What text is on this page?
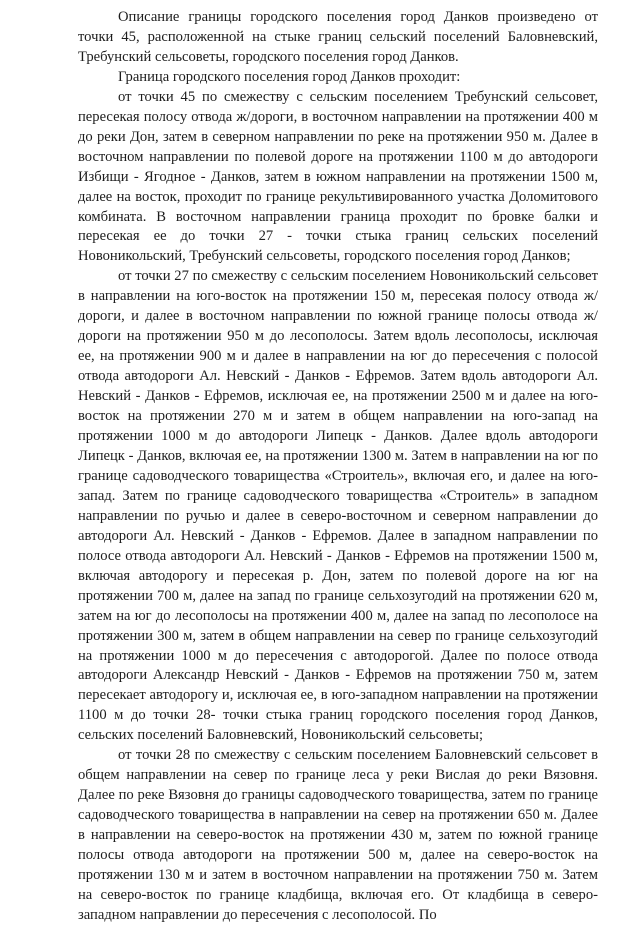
Описание границы городского поселения город Данков произведено от точки 45, расположенной на стыке границ сельский поселений Баловневский, Требунский сельсоветы, городского поселения город Данков.

Граница городского поселения город Данков проходит:

от точки 45 по смежеству с сельским поселением Требунский сельсовет, пересекая полосу отвода ж/дороги, в восточном направлении на протяжении 400 м до реки Дон, затем в северном направлении по реке на протяжении 950 м. Далее в восточном направлении по полевой дороге на протяжении 1100 м до автодороги Избищи - Ягодное - Данков, затем в южном направлении на протяжении 1500 м, далее на восток, проходит по границе рекультивированного участка Доломитового комбината. В восточном направлении граница проходит по бровке балки и пересекая ее до точки 27 - точки стыка границ сельских поселений Новоникольский, Требунский сельсоветы, городского поселения город Данков;

от точки 27 по смежеству с сельским поселением Новоникольский сельсовет в направлении на юго-восток на протяжении 150 м, пересекая полосу отвода ж/дороги, и далее в восточном направлении по южной границе полосы отвода ж/дороги на протяжении 950 м до лесополосы. Затем вдоль лесополосы, исключая ее, на протяжении 900 м и далее в направлении на юг до пересечения с полосой отвода автодороги Ал. Невский - Данков - Ефремов. Затем вдоль автодороги Ал. Невский - Данков - Ефремов, исключая ее, на протяжении 2500 м и далее на юго-восток на протяжении 270 м и затем в общем направлении на юго-запад на протяжении 1000 м до автодороги Липецк - Данков. Далее вдоль автодороги Липецк - Данков, включая ее, на протяжении 1300 м. Затем в направлении на юг по границе садоводческого товарищества «Строитель», включая его, и далее на юго-запад. Затем по границе садоводческого товарищества «Строитель» в западном направлении по ручью и далее в северо-восточном и северном направлении до автодороги Ал. Невский - Данков - Ефремов. Далее в западном направлении по полосе отвода автодороги Ал. Невский - Данков - Ефремов на протяжении 1500 м, включая автодорогу и пересекая р. Дон, затем по полевой дороге на юг на протяжении 700 м, далее на запад по границе сельхозугодий на протяжении 620 м, затем на юг до лесополосы на протяжении 400 м, далее на запад по лесополосе на протяжении 300 м, затем в общем направлении на север по границе сельхозугодий на протяжении 1000 м до пересечения с автодорогой. Далее по полосе отвода автодороги Александр Невский - Данков - Ефремов на протяжении 750 м, затем пересекает автодорогу и, исключая ее, в юго-западном направлении на протяжении 1100 м до точки 28- точки стыка границ городского поселения город Данков, сельских поселений Баловневский, Новоникольский сельсоветы;

от точки 28 по смежеству с сельским поселением Баловневский сельсовет в общем направлении на север по границе леса у реки Вислая до реки Вязовня. Далее по реке Вязовня до границы садоводческого товарищества, затем по границе садоводческого товарищества в направлении на север на протяжении 650 м. Далее в направлении на северо-восток на протяжении 430 м, затем по южной границе полосы отвода автодороги на протяжении 500 м, далее на северо-восток на протяжении 130 м и затем в восточном направлении на протяжении 750 м. Затем на северо-восток по границе кладбища, включая его. От кладбища в северо-западном направлении до пересечения с лесополосой. По
